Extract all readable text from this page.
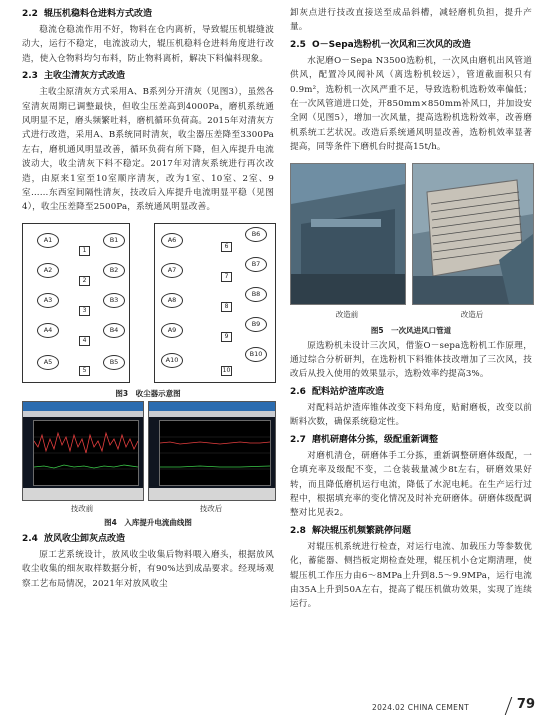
2.2 辊压机稳料仓进料方式改造

稳流仓稳流作用不好，物料在仓内离析，导致辊压机辊缝波动大，运行不稳定，电流波动大，辊压机稳料仓进料角度进行改造，使入仓物料均匀布料，防止物料离析，解决下料偏料现象。

2.3 主收尘清灰方式改造

主收尘原清灰方式采用A、B系列分开清灰（见图3），虽然各室清灰周期已调整最快，但收尘压差高到4000Pa，磨机系统通风明显不足，磨头频繁吐料，磨机循环负荷高。2015年对清灰方式进行改造，采用A、B系统同时清灰，收尘器压差降至3300Pa左右，磨机通风明显改善，循环负荷有所下降，但入库提升电流波动大，收尘清灰下料不稳定。2017年对清灰系统进行再次改造，由原来1室至10室顺序清灰，改为1室、10室、2室、9室……东西室间隔性清灰，技改后入库提升电流明显平稳（见图4），收尘压差降至2500Pa，系统通风明显改善。

A1
A2
A3
A4
A5
B1
B2
B3
B4
B5
1
2
3
4
5
A6
A7
A8
A9
A10
B6
B7
B8
B9
B10
6
7
8
9
10
图3　收尘器示意图
技改前	技改后
图4　入库提升电流曲线图
2.4 放风收尘卸灰点改造

原工艺系统设计，放风收尘收集后物料喂入磨头，根据放风收尘收集的细灰取样数据分析，有90%达到成品要求。经现场观察工艺布局情况，2021年对放风收尘

卸灰点进行技改直接送至成品斜槽，减轻磨机负担，提升产量。

2.5 O－Sepa选粉机一次风和三次风的改造

水泥磨O－Sepa N3500选粉机，一次风由磨机出风管道供风，配置冷风阀补风（离选粉机较远），管道截面积只有0.9m²，选粉机一次风严重不足，导致选粉机选粉效率偏低；在一次风管道进口处，开850mm×850mm补风口，并加设安全网（见图5），增加一次风量，提高选粉机选粉效率，改善磨机系统工艺状况。改造后系统通风明显改善，选粉机效率显著提高，同等条件下磨机台时提高15t/h。

改造前	改造后
图5　一次风进风口管道

原选粉机未设计三次风，借鉴O－sepa选粉机工作原理，通过综合分析研判，在选粉机下料锥体技改增加了三次风，技改后从投入使用的效果显示，选粉效率约提高3%。

2.6 配料站炉渣库改造

对配料站炉渣库锥体改变下料角度，贴耐磨板，改变以前断料次数，确保系统稳定性。

2.7 磨机研磨体分拣，级配重新调整

对磨机清仓，研磨体手工分拣，重新调整研磨体级配，一仓填充率及级配不变，二仓装载量减少8t左右，研磨效果好转，而且降低磨机运行电流，降低了水泥电耗。在生产运行过程中，根据填充率的变化情况及时补充研磨体。研磨体级配调整对比见表2。

2.8 解决辊压机频繁跳停问题

对辊压机系统进行检查，对运行电流、加载压力等参数优化，蓄能器、侧挡板定期检查处理，辊压机小仓定期清理，使辊压机工作压力由6～8MPa上升到8.5～9.9MPa，运行电流由35A上升到50A左右，提高了辊压机做功效果，实现了连续运行。

2024.02 CHINA CEMENT	79
